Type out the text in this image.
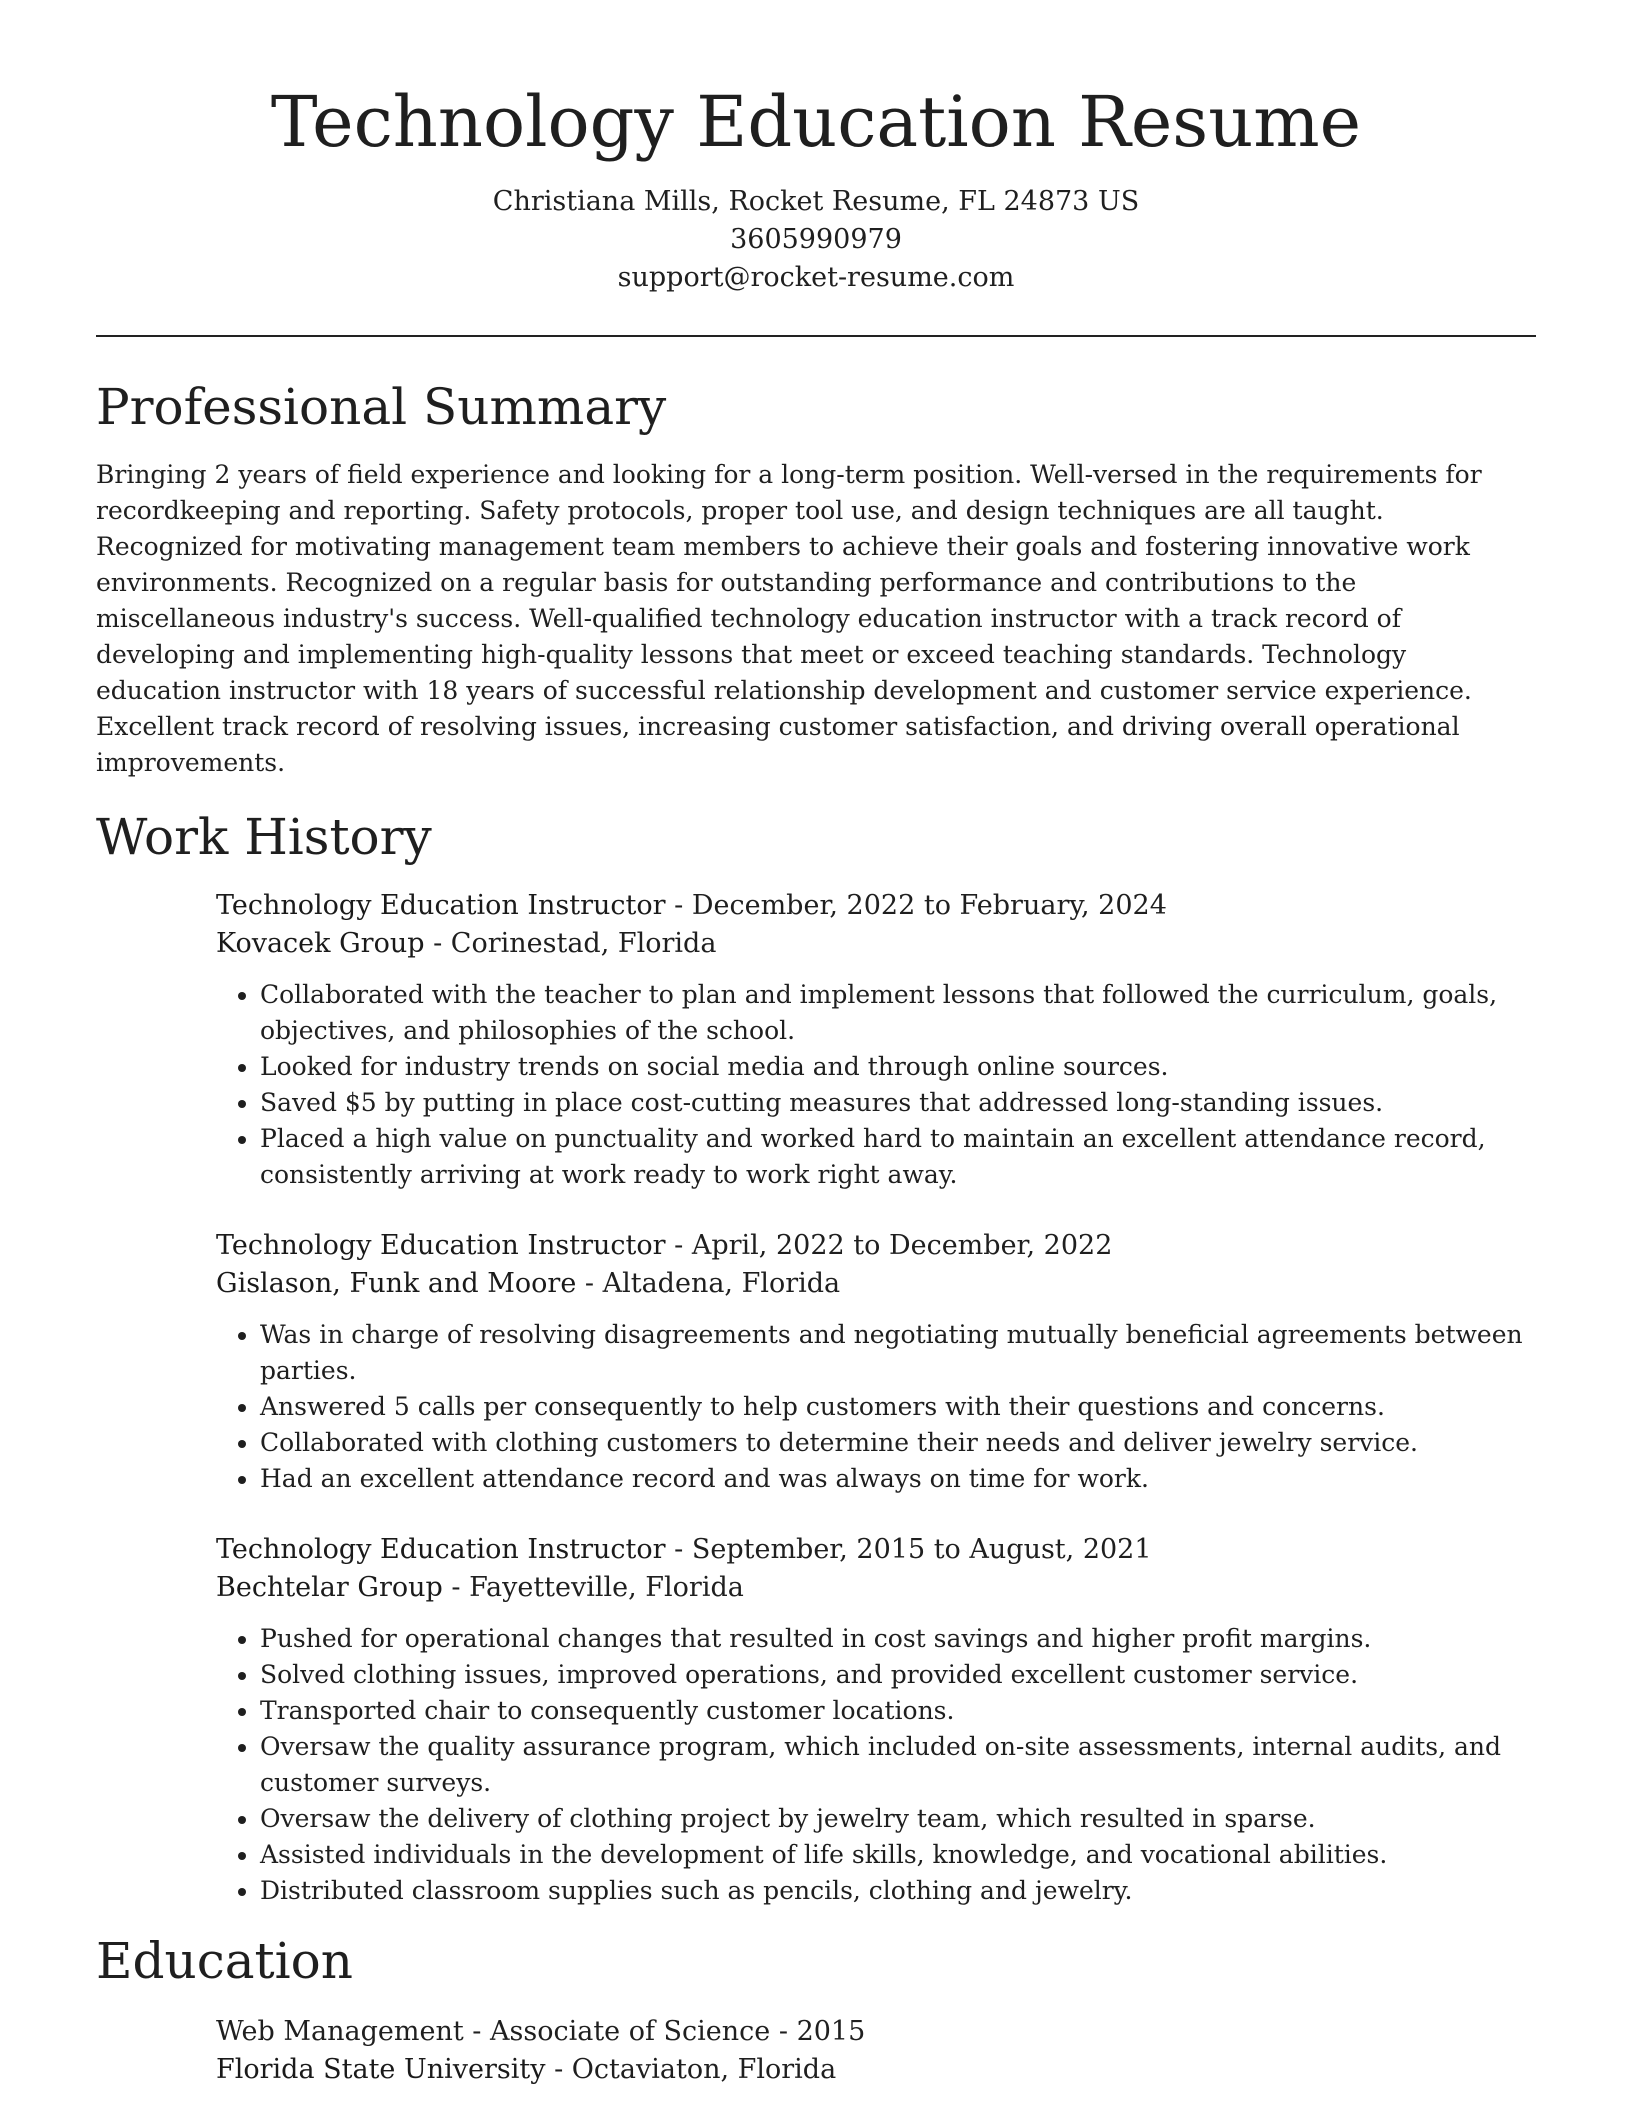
Technology Education Resume
Christiana Mills, Rocket Resume, FL 24873 US
3605990979
support@rocket-resume.com
Professional Summary

Bringing 2 years of field experience and looking for a long-term position. Well-versed in the requirements for recordkeeping and reporting. Safety protocols, proper tool use, and design techniques are all taught. Recognized for motivating management team members to achieve their goals and fostering innovative work environments. Recognized on a regular basis for outstanding performance and contributions to the miscellaneous industry's success. Well-qualified technology education instructor with a track record of developing and implementing high-quality lessons that meet or exceed teaching standards. Technology education instructor with 18 years of successful relationship development and customer service experience. Excellent track record of resolving issues, increasing customer satisfaction, and driving overall operational improvements.

Work History
Technology Education Instructor - December, 2022 to February, 2024
Kovacek Group - Corinestad, Florida
• Collaborated with the teacher to plan and implement lessons that followed the curriculum, goals, objectives, and philosophies of the school.
• Looked for industry trends on social media and through online sources.
• Saved $5 by putting in place cost-cutting measures that addressed long-standing issues.
• Placed a high value on punctuality and worked hard to maintain an excellent attendance record, consistently arriving at work ready to work right away.
Technology Education Instructor - April, 2022 to December, 2022
Gislason, Funk and Moore - Altadena, Florida
• Was in charge of resolving disagreements and negotiating mutually beneficial agreements between parties.
• Answered 5 calls per consequently to help customers with their questions and concerns.
• Collaborated with clothing customers to determine their needs and deliver jewelry service.
• Had an excellent attendance record and was always on time for work.
Technology Education Instructor - September, 2015 to August, 2021
Bechtelar Group - Fayetteville, Florida
• Pushed for operational changes that resulted in cost savings and higher profit margins.
• Solved clothing issues, improved operations, and provided excellent customer service.
• Transported chair to consequently customer locations.
• Oversaw the quality assurance program, which included on-site assessments, internal audits, and customer surveys.
• Oversaw the delivery of clothing project by jewelry team, which resulted in sparse.
• Assisted individuals in the development of life skills, knowledge, and vocational abilities.
• Distributed classroom supplies such as pencils, clothing and jewelry.
Education
Web Management - Associate of Science - 2015
Florida State University - Octaviaton, Florida
